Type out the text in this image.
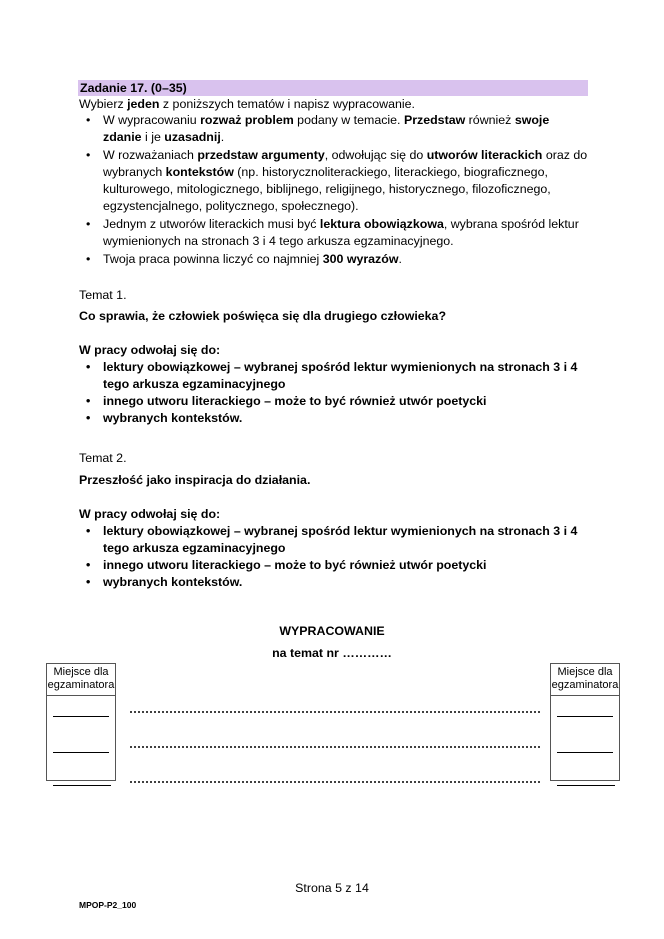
Zadanie 17. (0–35)
Wybierz jeden z poniższych tematów i napisz wypracowanie.
• W wypracowaniu rozważ problem podany w temacie. Przedstaw również swoje zdanie i je uzasadnij.
• W rozważaniach przedstaw argumenty, odwołując się do utworów literackich oraz do wybranych kontekstów (np. historycznoliterackiego, literackiego, biograficznego, kulturowego, mitologicznego, biblijnego, religijnego, historycznego, filozoficznego, egzystencjalnego, politycznego, społecznego).
• Jednym z utworów literackich musi być lektura obowiązkowa, wybrana spośród lektur wymienionych na stronach 3 i 4 tego arkusza egzaminacyjnego.
• Twoja praca powinna liczyć co najmniej 300 wyrazów.
Temat 1.
Co sprawia, że człowiek poświęca się dla drugiego człowieka?
W pracy odwołaj się do:
• lektury obowiązkowej – wybranej spośród lektur wymienionych na stronach 3 i 4 tego arkusza egzaminacyjnego
• innego utworu literackiego – może to być również utwór poetycki
• wybranych kontekstów.
Temat 2.
Przeszłość jako inspiracja do działania.
W pracy odwołaj się do:
• lektury obowiązkowej – wybranej spośród lektur wymienionych na stronach 3 i 4 tego arkusza egzaminacyjnego
• innego utworu literackiego – może to być również utwór poetycki
• wybranych kontekstów.
WYPRACOWANIE
na temat nr …………
Miejsce dla egzaminatora
Miejsce dla egzaminatora
Strona 5 z 14
MPOP-P2_100
